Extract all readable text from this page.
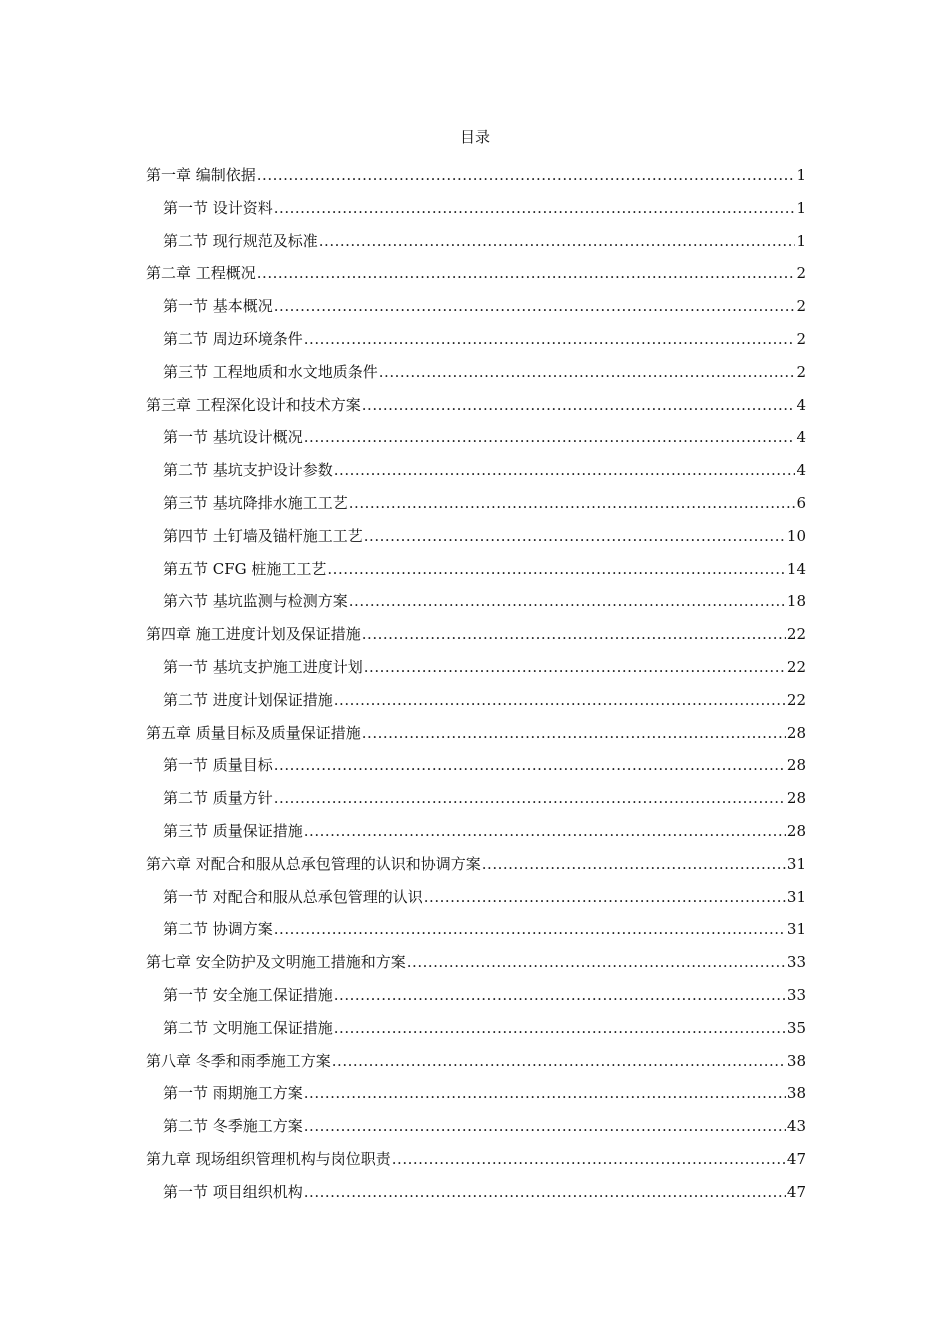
目录
第一章 编制依据 .....	1
第一节 设计资料 .....	1
第二节 现行规范及标准 .....	1
第二章 工程概况 .....	2
第一节 基本概况 .....	2
第二节 周边环境条件 .....	2
第三节 工程地质和水文地质条件 .....	2
第三章 工程深化设计和技术方案 .....	4
第一节 基坑设计概况 .....	4
第二节 基坑支护设计参数 .....	4
第三节 基坑降排水施工工艺 .....	6
第四节 土钉墙及锚杆施工工艺 .....	10
第五节 CFG 桩施工工艺 .....	14
第六节 基坑监测与检测方案 .....	18
第四章 施工进度计划及保证措施 .....	22
第一节 基坑支护施工进度计划 .....	22
第二节 进度计划保证措施 .....	22
第五章 质量目标及质量保证措施 .....	28
第一节 质量目标 .....	28
第二节 质量方针 .....	28
第三节 质量保证措施 .....	28
第六章 对配合和服从总承包管理的认识和协调方案 .....	31
第一节 对配合和服从总承包管理的认识 .....	31
第二节 协调方案 .....	31
第七章 安全防护及文明施工措施和方案 .....	33
第一节 安全施工保证措施 .....	33
第二节 文明施工保证措施 .....	35
第八章 冬季和雨季施工方案 .....	38
第一节 雨期施工方案 .....	38
第二节 冬季施工方案 .....	43
第九章 现场组织管理机构与岗位职责 .....	47
第一节 项目组织机构 .....	47
